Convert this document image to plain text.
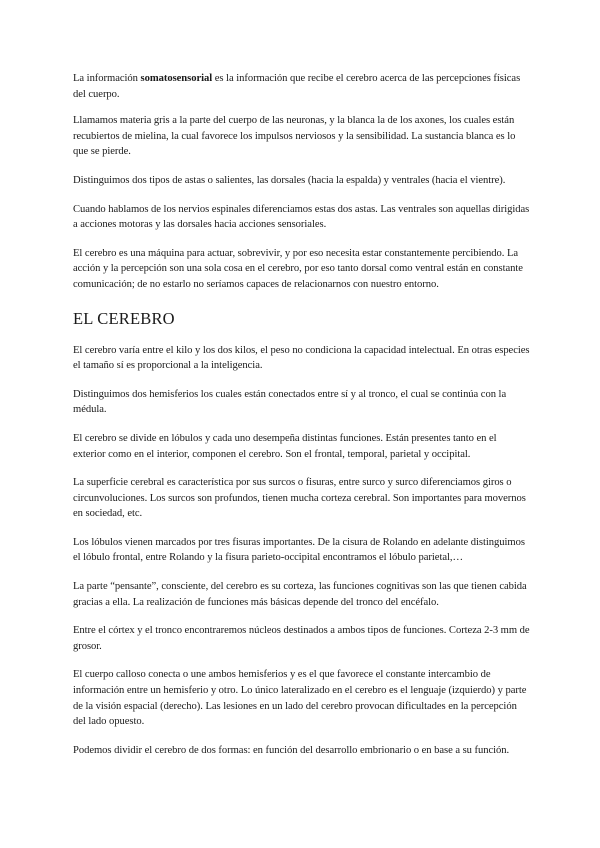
La información somatosensorial es la información que recibe el cerebro acerca de las percepciones físicas del cuerpo.

Llamamos materia gris a la parte del cuerpo de las neuronas, y la blanca la de los axones, los cuales están recubiertos de mielina, la cual favorece los impulsos nerviosos y la sensibilidad. La sustancia blanca es lo que se pierde.

Distinguimos dos tipos de astas o salientes, las dorsales (hacia la espalda) y ventrales (hacia el vientre).

Cuando hablamos de los nervios espinales diferenciamos estas dos astas. Las ventrales son aquellas dirigidas a acciones motoras y las dorsales hacia acciones sensoriales.

El cerebro es una máquina para actuar, sobrevivir, y por eso necesita estar constantemente percibiendo. La acción y la percepción son una sola cosa en el cerebro, por eso tanto dorsal como ventral están en constante comunicación; de no estarlo no seríamos capaces de relacionarnos con nuestro entorno.

EL CEREBRO

El cerebro varía entre el kilo y los dos kilos, el peso no condiciona la capacidad intelectual. En otras especies el tamaño sí es proporcional a la inteligencia.

Distinguimos dos hemisferios los cuales están conectados entre sí y al tronco, el cual se continúa con la médula.

El cerebro se divide en lóbulos y cada uno desempeña distintas funciones. Están presentes tanto en el exterior como en el interior, componen el cerebro. Son el frontal, temporal, parietal y occipital.

La superficie cerebral es característica por sus surcos o fisuras, entre surco y surco diferenciamos giros o circunvoluciones. Los surcos son profundos, tienen mucha corteza cerebral. Son importantes para movernos en sociedad, etc.

Los lóbulos vienen marcados por tres fisuras importantes. De la cisura de Rolando en adelante distinguimos el lóbulo frontal, entre Rolando y la fisura parieto-occipital encontramos el lóbulo parietal,…

La parte “pensante”, consciente, del cerebro es su corteza, las funciones cognitivas son las que tienen cabida gracias a ella. La realización de funciones más básicas depende del tronco del encéfalo.

Entre el córtex y el tronco encontraremos núcleos destinados a ambos tipos de funciones. Corteza 2-3 mm de grosor.

El cuerpo calloso conecta o une ambos hemisferios y es el que favorece el constante intercambio de información entre un hemisferio y otro. Lo único lateralizado en el cerebro es el lenguaje (izquierdo) y parte de la visión espacial (derecho). Las lesiones en un lado del cerebro provocan dificultades en la percepción del lado opuesto.

Podemos dividir el cerebro de dos formas: en función del desarrollo embrionario o en base a su función.
